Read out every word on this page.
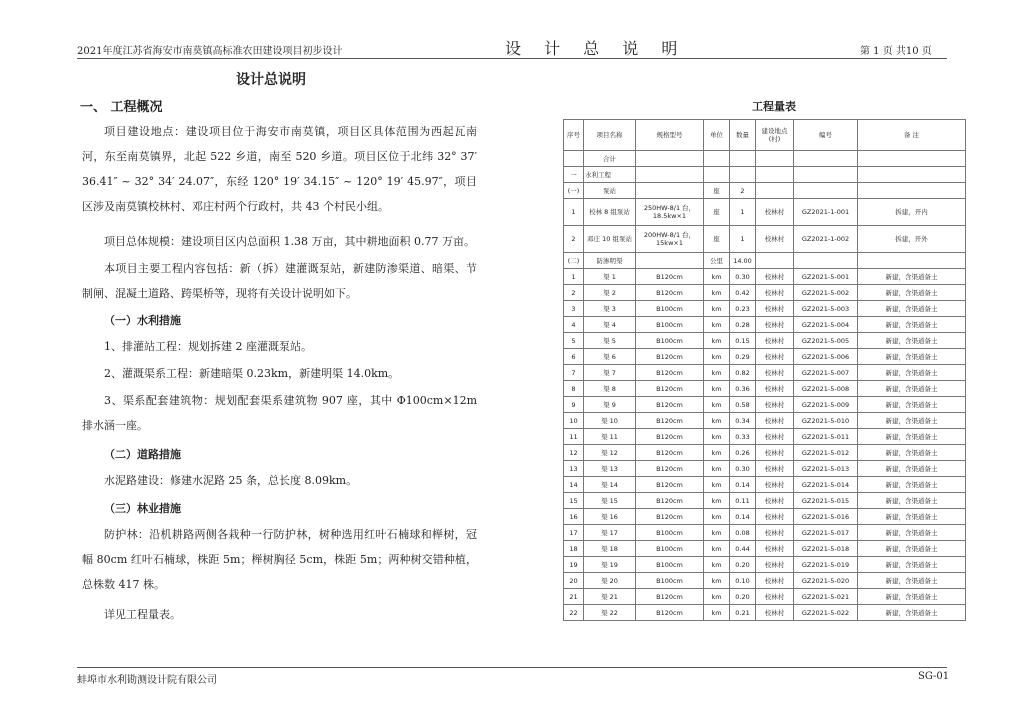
2021年度江苏省海安市南莫镇高标准农田建设项目初步设计	设 计 总 说 明	第 1 页 共10 页
设计总说明
一、 工程概况
项目建设地点：建设项目位于海安市南莫镇，项目区具体范围为西起瓦南河，东至南莫镇界，北起 522 乡道，南至 520 乡道。项目区位于北纬 32° 37′ 36.41″ ~ 32° 34′ 24.07″，东经 120° 19′ 34.15″ ~ 120° 19′ 45.97″，项目区涉及南莫镇校林村、邓庄村两个行政村，共 43 个村民小组。
项目总体规模：建设项目区内总面积 1.38 万亩，其中耕地面积 0.77 万亩。
本项目主要工程内容包括：新（拆）建灌溉泵站，新建防渗渠道、暗渠、节制闸、混凝土道路、跨渠桥等，现将有关设计说明如下。
（一）水利措施
1、排灌站工程：规划拆建 2 座灌溉泵站。
2、灌溉渠系工程：新建暗渠 0.23km，新建明渠 14.0km。
3、渠系配套建筑物：规划配套渠系建筑物 907 座，其中 Φ100cm×12m 排水涵一座。
（二）道路措施
水泥路建设：修建水泥路 25 条，总长度 8.09km。
（三）林业措施
防护林：沿机耕路两侧各栽种一行防护林，树种选用红叶石楠球和榉树，冠幅 80cm 红叶石楠球，株距 5m；榉树胸径 5cm，株距 5m；两种树交错种植，总株数 417 株。
详见工程量表。
工程量表
序号	项目名称	规格型号	单位	数量	建设地点(村)	编号	备 注
	合计						
一	水利工程						
(一)	泵站		座	2			
1	校林 8 组泵站	250HW-8/1 台，18.5kw×1	座	1	校林村	GZ2021-1-001	拆建，开内
2	邓庄 10 组泵站	200HW-8/1 台，15kw×1	座	1	校林村	GZ2021-1-002	拆建，开外
(二)	防渗明渠		公里	14.00			
1	渠 1	B120cm	km	0.30	校林村	GZ2021-5-001	新建，含渠道备土
2	渠 2	B120cm	km	0.42	校林村	GZ2021-5-002	新建，含渠道备土
3	渠 3	B100cm	km	0.23	校林村	GZ2021-5-003	新建，含渠道备土
4	渠 4	B100cm	km	0.28	校林村	GZ2021-5-004	新建，含渠道备土
5	渠 5	B100cm	km	0.15	校林村	GZ2021-5-005	新建，含渠道备土
6	渠 6	B120cm	km	0.29	校林村	GZ2021-5-006	新建，含渠道备土
7	渠 7	B120cm	km	0.82	校林村	GZ2021-5-007	新建，含渠道备土
8	渠 8	B120cm	km	0.36	校林村	GZ2021-5-008	新建，含渠道备土
9	渠 9	B120cm	km	0.58	校林村	GZ2021-5-009	新建，含渠道备土
10	渠 10	B120cm	km	0.34	校林村	GZ2021-5-010	新建，含渠道备土
11	渠 11	B120cm	km	0.33	校林村	GZ2021-5-011	新建，含渠道备土
12	渠 12	B120cm	km	0.26	校林村	GZ2021-5-012	新建，含渠道备土
13	渠 13	B120cm	km	0.30	校林村	GZ2021-5-013	新建，含渠道备土
14	渠 14	B120cm	km	0.14	校林村	GZ2021-5-014	新建，含渠道备土
15	渠 15	B120cm	km	0.11	校林村	GZ2021-5-015	新建，含渠道备土
16	渠 16	B120cm	km	0.14	校林村	GZ2021-5-016	新建，含渠道备土
17	渠 17	B100cm	km	0.08	校林村	GZ2021-5-017	新建，含渠道备土
18	渠 18	B100cm	km	0.44	校林村	GZ2021-5-018	新建，含渠道备土
19	渠 19	B100cm	km	0.20	校林村	GZ2021-5-019	新建，含渠道备土
20	渠 20	B100cm	km	0.10	校林村	GZ2021-5-020	新建，含渠道备土
21	渠 21	B120cm	km	0.20	校林村	GZ2021-5-021	新建，含渠道备土
22	渠 22	B120cm	km	0.21	校林村	GZ2021-5-022	新建，含渠道备土
蚌埠市水利勘测设计院有限公司	SG-01
